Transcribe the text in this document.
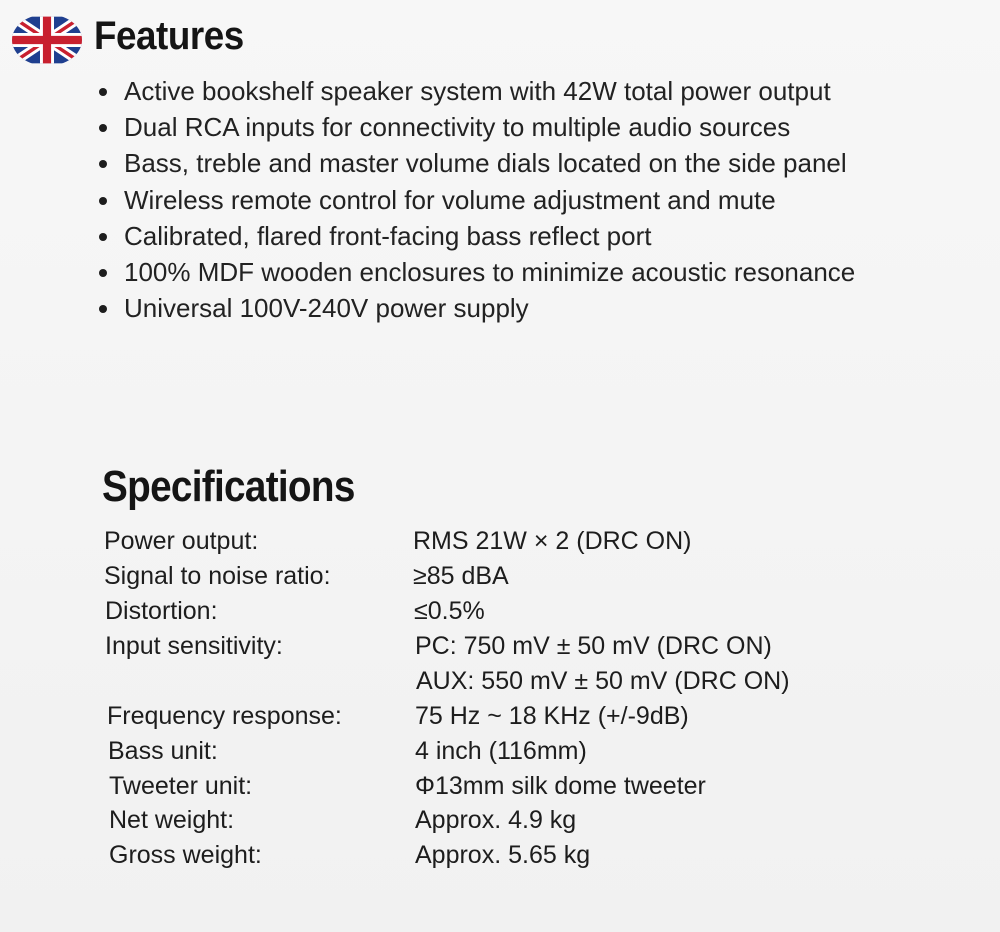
Features
Active bookshelf speaker system with 42W total power output
Dual RCA inputs for connectivity to multiple audio sources
Bass, treble and master volume dials located on the side panel
Wireless remote control for volume adjustment and mute
Calibrated, flared front-facing bass reflect port
100% MDF wooden enclosures to minimize acoustic resonance
Universal 100V-240V power supply
Specifications
Power output:	RMS 21W × 2 (DRC ON)
Signal to noise ratio:	≥85 dBA
Distortion:	≤0.5%
Input sensitivity:	PC: 750 mV ± 50 mV (DRC ON)
AUX: 550 mV ± 50 mV (DRC ON)
Frequency response:	75 Hz ~ 18 KHz (+/-9dB)
Bass unit:	4 inch (116mm)
Tweeter unit:	Φ13mm silk dome tweeter
Net weight:	Approx. 4.9 kg
Gross weight:	Approx. 5.65 kg
